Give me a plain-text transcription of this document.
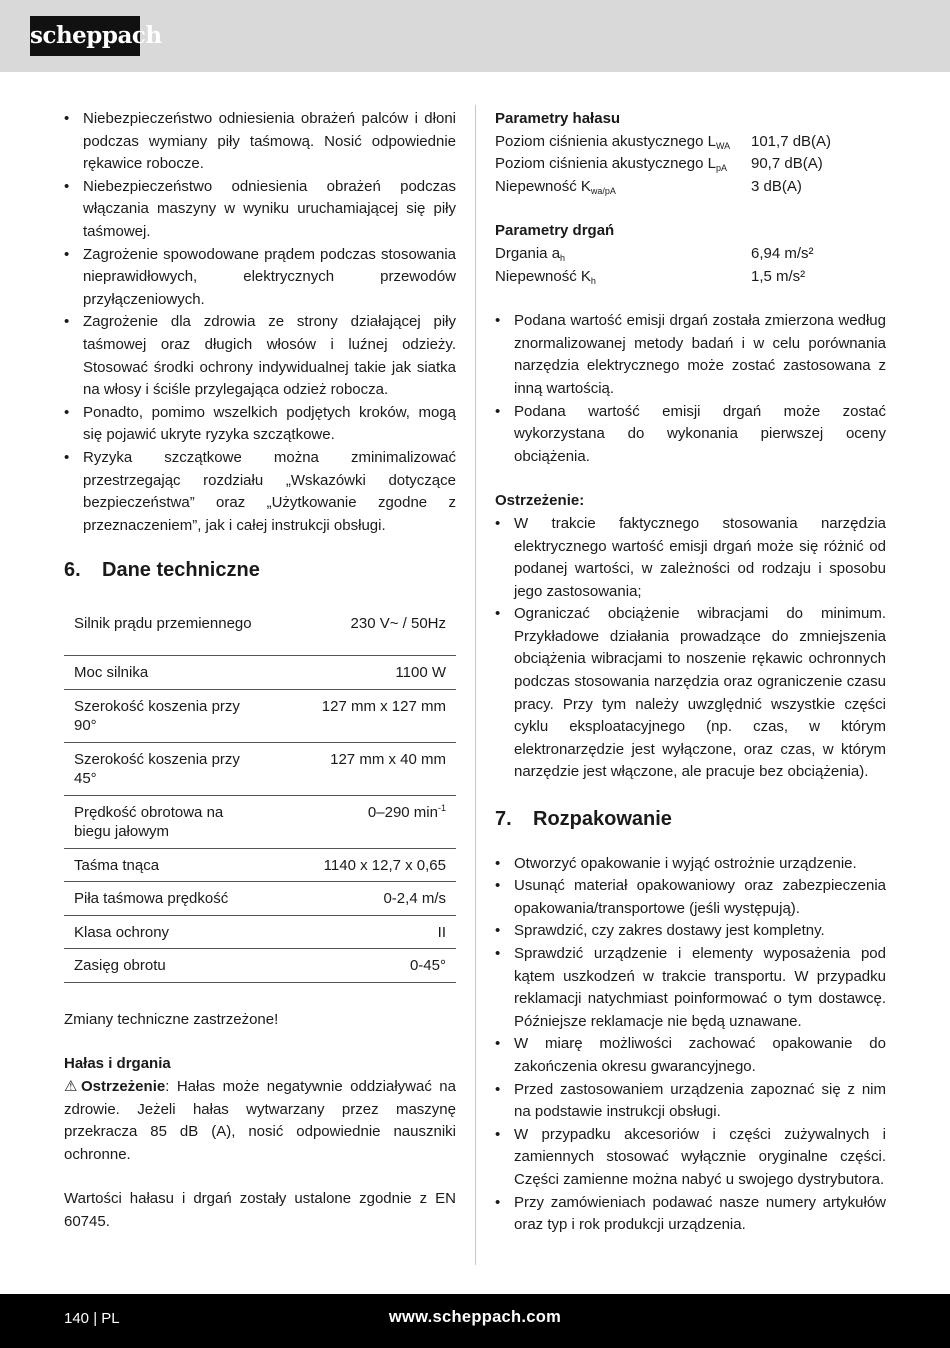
scheppach
• Niebezpieczeństwo odniesienia obrażeń palców i dłoni podczas wymiany piły taśmową. Nosić odpowiednie rękawice robocze.
• Niebezpieczeństwo odniesienia obrażeń podczas włączania maszyny w wyniku uruchamiającej się piły taśmowej.
• Zagrożenie spowodowane prądem podczas stosowania nieprawidłowych, elektrycznych przewodów przyłączeniowych.
• Zagrożenie dla zdrowia ze strony działającej piły taśmowej oraz długich włosów i luźnej odzieży. Stosować środki ochrony indywidualnej takie jak siatka na włosy i ściśle przylegająca odzież robocza.
• Ponadto, pomimo wszelkich podjętych kroków, mogą się pojawić ukryte ryzyka szczątkowe.
• Ryzyka szczątkowe można zminimalizować przestrzegając rozdziału „Wskazówki dotyczące bezpieczeństwa” oraz „Użytkowanie zgodne z przeznaczeniem”, jak i całej instrukcji obsługi.
6. Dane techniczne
Silnik prądu przemiennego	230 V~ / 50Hz
Moc silnika	1100 W
Szerokość koszenia przy 90°	127 mm x 127 mm
Szerokość koszenia przy 45°	127 mm x 40 mm
Prędkość obrotowa na biegu jałowym	0–290 $\min^{-1}$
Taśma tnąca	1140 x 12,7 x 0,65
Piła taśmowa prędkość	0-2,4 m/s
Klasa ochrony	II
Zasięg obrotu	0-45°
Zmiany techniczne zastrzeżone!

Hałas i drgania

⚠ Ostrzeżenie: Hałas może negatywnie oddziaływać na zdrowie. Jeżeli hałas wytwarzany przez maszynę przekracza 85 dB (A), nosić odpowiednie nauszniki ochronne.

Wartości hałasu i drgań zostały ustalone zgodnie z EN 60745.

Parametry hałasu

Poziom ciśnienia akustycznego $L_{WA}$	101,7 dB(A)
Poziom ciśnienia akustycznego $L_{pA}$	90,7 dB(A)
Niepewność $K_{wa/pA}$	3 dB(A)

Parametry drgań

Drgania $a_h$	6,94 m/s²
Niepewność $K_h$	1,5 m/s²
• Podana wartość emisji drgań została zmierzona według znormalizowanej metody badań i w celu porównania narzędzia elektrycznego może zostać zastosowana z inną wartością.
• Podana wartość emisji drgań może zostać wykorzystana do wykonania pierwszej oceny obciążenia.

Ostrzeżenie:

• W trakcie faktycznego stosowania narzędzia elektrycznego wartość emisji drgań może się różnić od podanej wartości, w zależności od rodzaju i sposobu jego zastosowania;
• Ograniczać obciążenie wibracjami do minimum. Przykładowe działania prowadzące do zmniejszenia obciążenia wibracjami to noszenie rękawic ochronnych podczas stosowania narzędzia oraz ograniczenie czasu pracy. Przy tym należy uwzględnić wszystkie części cyklu eksploatacyjnego (np. czas, w którym elektronarzędzie jest wyłączone, oraz czas, w którym narzędzie jest włączone, ale pracuje bez obciążenia).
7. Rozpakowanie
• Otworzyć opakowanie i wyjąć ostrożnie urządzenie.
• Usunąć materiał opakowaniowy oraz zabezpieczenia opakowania/transportowe (jeśli występują).
• Sprawdzić, czy zakres dostawy jest kompletny.
• Sprawdzić urządzenie i elementy wyposażenia pod kątem uszkodzeń w trakcie transportu. W przypadku reklamacji natychmiast poinformować o tym dostawcę. Późniejsze reklamacje nie będą uznawane.
• W miarę możliwości zachować opakowanie do zakończenia okresu gwarancyjnego.
• Przed zastosowaniem urządzenia zapoznać się z nim na podstawie instrukcji obsługi.
• W przypadku akcesoriów i części zużywalnych i zamiennych stosować wyłącznie oryginalne części. Części zamienne można nabyć u swojego dystrybutora.
• Przy zamówieniach podawać nasze numery artykułów oraz typ i rok produkcji urządzenia.
140 | PL	www.scheppach.com
